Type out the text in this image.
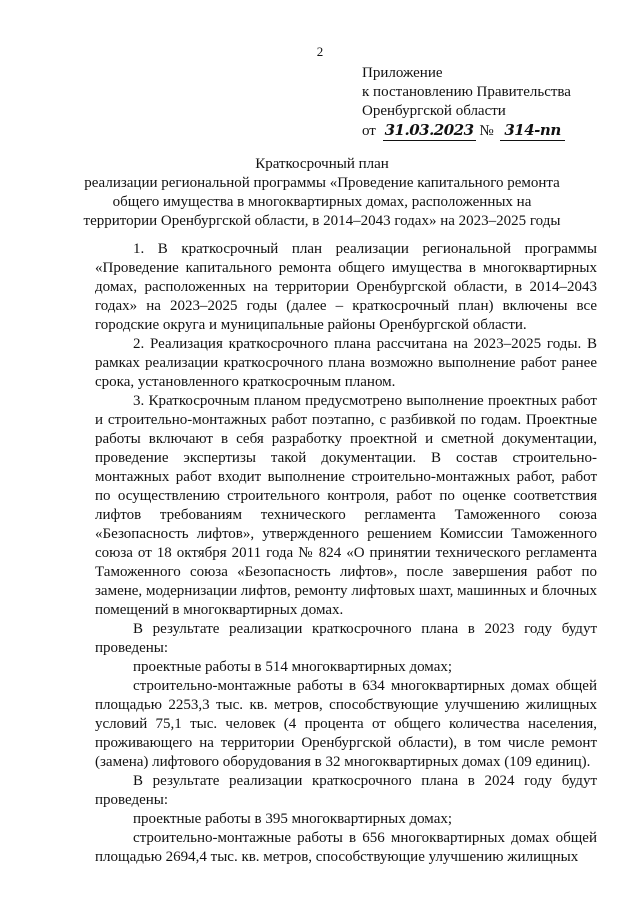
2
Приложение
к постановлению Правительства
Оренбургской области
от 31.03.2023 № 314-пп
Краткосрочный план
реализации региональной программы «Проведение капитального ремонта
общего имущества в многоквартирных домах, расположенных на
территории Оренбургской области, в 2014–2043 годах» на 2023–2025 годы

1. В краткосрочный план реализации региональной программы «Проведение капитального ремонта общего имущества в многоквартирных домах, расположенных на территории Оренбургской области, в 2014–2043 годах» на 2023–2025 годы (далее – краткосрочный план) включены все городские округа и муниципальные районы Оренбургской области.

2. Реализация краткосрочного плана рассчитана на 2023–2025 годы. В рамках реализации краткосрочного плана возможно выполнение работ ранее срока, установленного краткосрочным планом.

3. Краткосрочным планом предусмотрено выполнение проектных работ и строительно-монтажных работ поэтапно, с разбивкой по годам. Проектные работы включают в себя разработку проектной и сметной документации, проведение экспертизы такой документации. В состав строительно-монтажных работ входит выполнение строительно-монтажных работ, работ по осуществлению строительного контроля, работ по оценке соответствия лифтов требованиям технического регламента Таможенного союза «Безопасность лифтов», утвержденного решением Комиссии Таможенного союза от 18 октября 2011 года № 824 «О принятии технического регламента Таможенного союза «Безопасность лифтов», после завершения работ по замене, модернизации лифтов, ремонту лифтовых шахт, машинных и блочных помещений в многоквартирных домах.

В результате реализации краткосрочного плана в 2023 году будут проведены:

проектные работы в 514 многоквартирных домах;

строительно-монтажные работы в 634 многоквартирных домах общей площадью 2253,3 тыс. кв. метров, способствующие улучшению жилищных условий 75,1 тыс. человек (4 процента от общего количества населения, проживающего на территории Оренбургской области), в том числе ремонт (замена) лифтового оборудования в 32 многоквартирных домах (109 единиц).

В результате реализации краткосрочного плана в 2024 году будут проведены:

проектные работы в 395 многоквартирных домах;

строительно-монтажные работы в 656 многоквартирных домах общей площадью 2694,4 тыс. кв. метров, способствующие улучшению жилищных
